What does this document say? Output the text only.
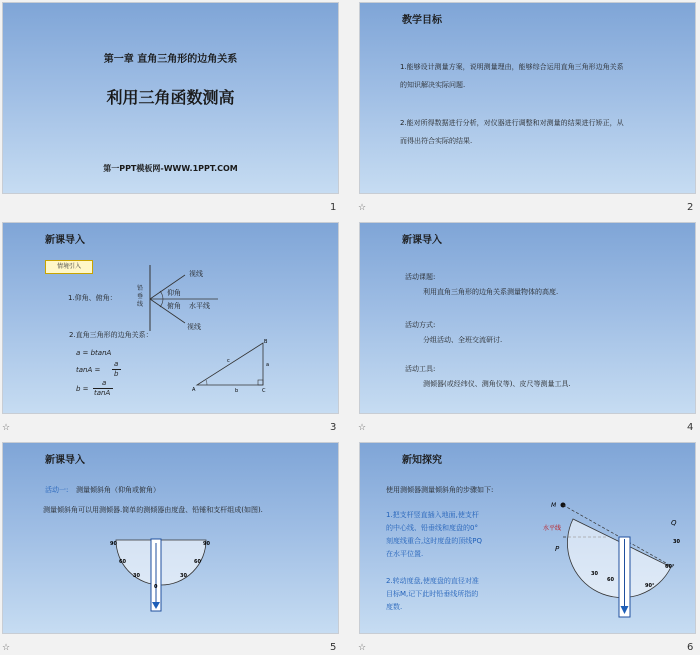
第一章 直角三角形的边角关系
利用三角函数测高
第一PPT模板网-WWW.1PPT.COM
1
教学目标
1.能够设计测量方案，说明测量理由，能够综合运用直角三角形边角关系
的知识解决实际问题.
2.能对所得数据进行分析，对仪器进行调整和对测量的结果进行矫正，从
而得出符合实际的结果.
☆	2
新课导入
情境引入
1.仰角、俯角：
铅垂线
视线
仰角
俯角 水平线
视线
2.直角三角形的边角关系：
a = btanA
tanA =
a
b
b =
a
tanA
B
A	C
a
b
c
☆	3
新课导入
活动课题:
利用直角三角形的边角关系测量物体的高度.
活动方式:
分组活动、全班交流研讨.
活动工具:
测倾器(或经纬仪、测角仪等)、皮尺等测量工具.
☆	4
新课导入
活动一: 测量倾斜角（仰角或俯角）
测量倾斜角可以用测倾器.简单的测倾器由度盘、铅锤和支杆组成(如图).
90	90
60	60
30	30
0
☆	5
新知探究
使用测倾器测量倾斜角的步骤如下:
1.把支杆竖直插入地面,使支杆
的中心线、铅垂线和度盘的0°
刻度线重合,这时度盘的顶线PQ
在水平位置.
2.转动度盘,使度盘的直径对准
目标M,记下此时铅垂线所指的
度数.
M
水平线
Q
P
30
60°
90°
30
60
☆	6
